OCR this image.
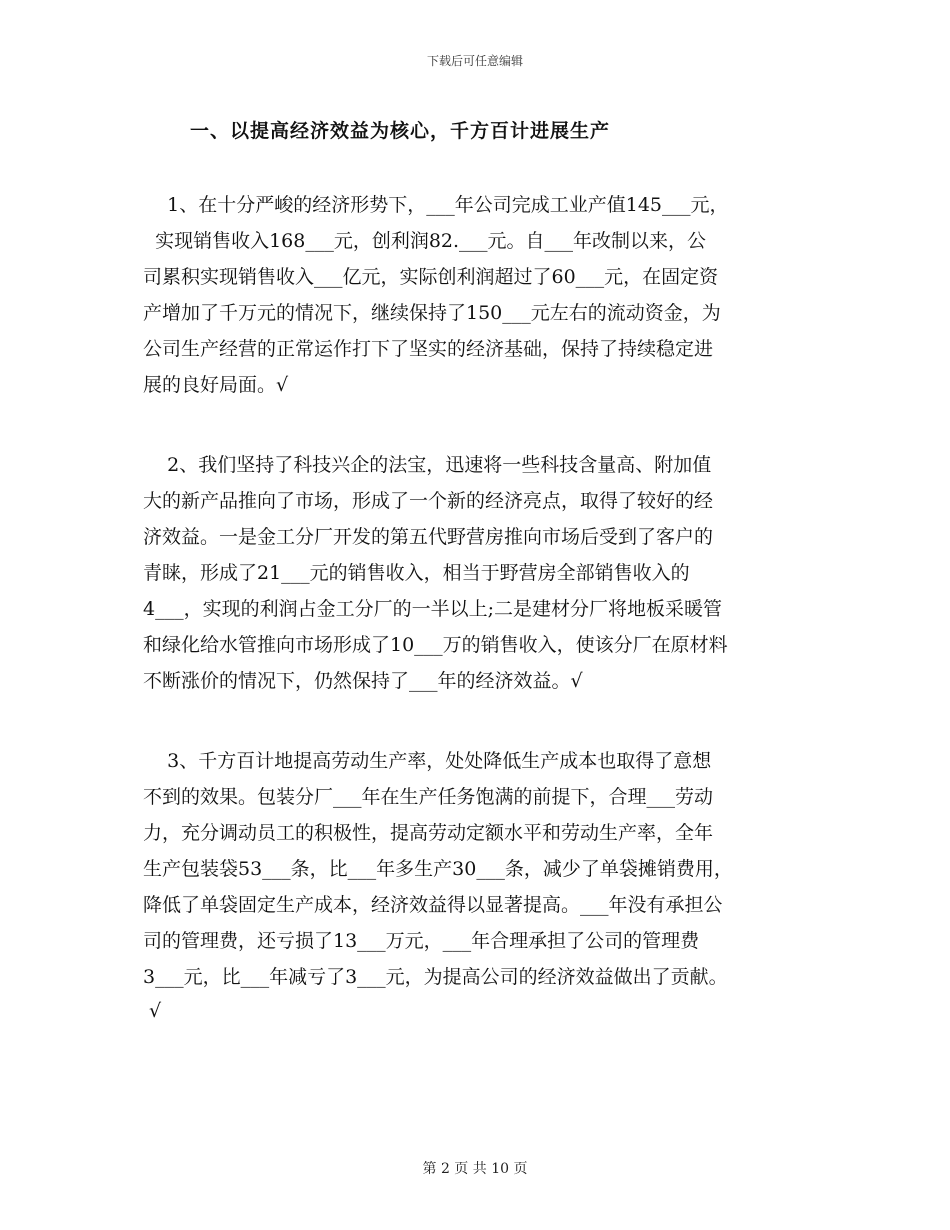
下载后可任意编辑
一、以提高经济效益为核心，千方百计进展生产
1、在十分严峻的经济形势下，___年公司完成工业产值145___元，
实现销售收入168___元，创利润82.___元。自___年改制以来，公
司累积实现销售收入___亿元，实际创利润超过了60___元，在固定资
产增加了千万元的情况下，继续保持了150___元左右的流动资金，为
公司生产经营的正常运作打下了坚实的经济基础，保持了持续稳定进
展的良好局面。√
2、我们坚持了科技兴企的法宝，迅速将一些科技含量高、附加值
大的新产品推向了市场，形成了一个新的经济亮点，取得了较好的经
济效益。一是金工分厂开发的第五代野营房推向市场后受到了客户的
青睐，形成了21___元的销售收入，相当于野营房全部销售收入的
4___，实现的利润占金工分厂的一半以上;二是建材分厂将地板采暖管
和绿化给水管推向市场形成了10___万的销售收入，使该分厂在原材料
不断涨价的情况下，仍然保持了___年的经济效益。√
3、千方百计地提高劳动生产率，处处降低生产成本也取得了意想
不到的效果。包装分厂___年在生产任务饱满的前提下，合理___劳动
力，充分调动员工的积极性，提高劳动定额水平和劳动生产率，全年
生产包装袋53___条，比___年多生产30___条，减少了单袋摊销费用，
降低了单袋固定生产成本，经济效益得以显著提高。___年没有承担公
司的管理费，还亏损了13___万元，___年合理承担了公司的管理费
3___元，比___年减亏了3___元，为提高公司的经济效益做出了贡献。
√
第 2 页 共 10 页
